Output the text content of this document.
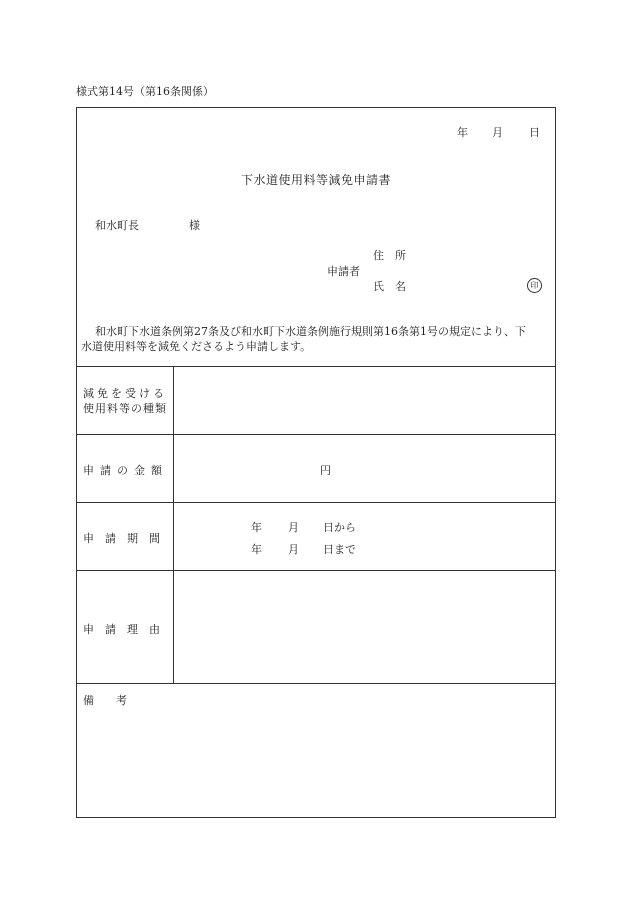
様式第14号（第16条関係）
年 月 日
下水道使用料等減免申請書
和水町長	様
住　所
申請者
氏　名	印
和水町下水道条例第27条及び和水町下水道条例施行規則第16条第1号の規定により、下
水道使用料等を減免くださるよう申請します。
減免を受ける
使用料等の種類
申請の金額	円
申　請　期　間
年 月 日から
年 月 日まで
申　請　理　由
備　　考
